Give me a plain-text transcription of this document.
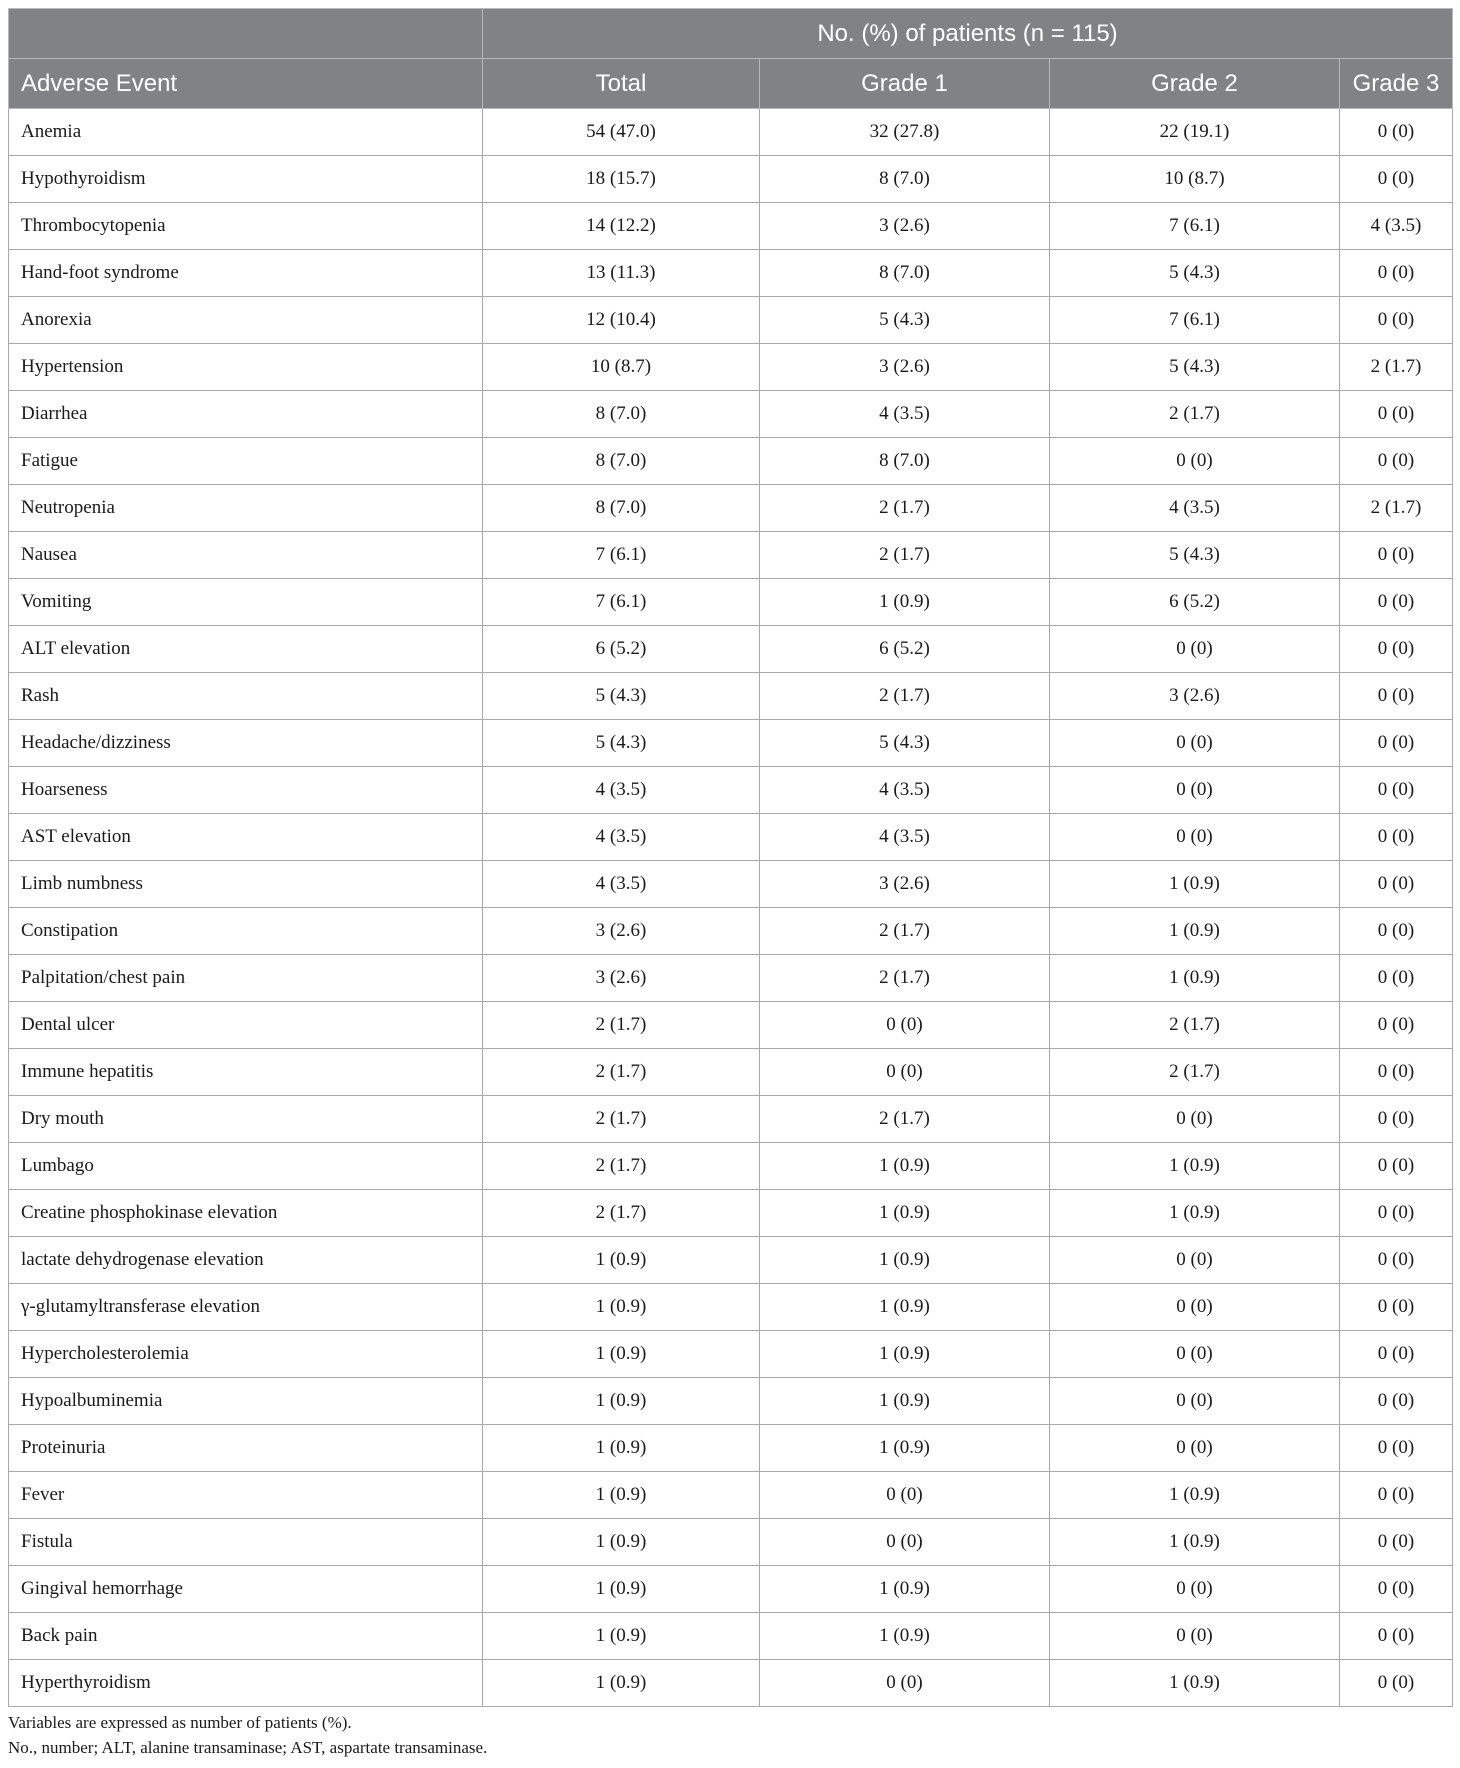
	No. (%) of patients (n = 115)			
Adverse Event	Total	Grade 1	Grade 2	Grade 3
Anemia	54 (47.0)	32 (27.8)	22 (19.1)	0 (0)
Hypothyroidism	18 (15.7)	8 (7.0)	10 (8.7)	0 (0)
Thrombocytopenia	14 (12.2)	3 (2.6)	7 (6.1)	4 (3.5)
Hand-foot syndrome	13 (11.3)	8 (7.0)	5 (4.3)	0 (0)
Anorexia	12 (10.4)	5 (4.3)	7 (6.1)	0 (0)
Hypertension	10 (8.7)	3 (2.6)	5 (4.3)	2 (1.7)
Diarrhea	8 (7.0)	4 (3.5)	2 (1.7)	0 (0)
Fatigue	8 (7.0)	8 (7.0)	0 (0)	0 (0)
Neutropenia	8 (7.0)	2 (1.7)	4 (3.5)	2 (1.7)
Nausea	7 (6.1)	2 (1.7)	5 (4.3)	0 (0)
Vomiting	7 (6.1)	1 (0.9)	6 (5.2)	0 (0)
ALT elevation	6 (5.2)	6 (5.2)	0 (0)	0 (0)
Rash	5 (4.3)	2 (1.7)	3 (2.6)	0 (0)
Headache/dizziness	5 (4.3)	5 (4.3)	0 (0)	0 (0)
Hoarseness	4 (3.5)	4 (3.5)	0 (0)	0 (0)
AST elevation	4 (3.5)	4 (3.5)	0 (0)	0 (0)
Limb numbness	4 (3.5)	3 (2.6)	1 (0.9)	0 (0)
Constipation	3 (2.6)	2 (1.7)	1 (0.9)	0 (0)
Palpitation/chest pain	3 (2.6)	2 (1.7)	1 (0.9)	0 (0)
Dental ulcer	2 (1.7)	0 (0)	2 (1.7)	0 (0)
Immune hepatitis	2 (1.7)	0 (0)	2 (1.7)	0 (0)
Dry mouth	2 (1.7)	2 (1.7)	0 (0)	0 (0)
Lumbago	2 (1.7)	1 (0.9)	1 (0.9)	0 (0)
Creatine phosphokinase elevation	2 (1.7)	1 (0.9)	1 (0.9)	0 (0)
lactate dehydrogenase elevation	1 (0.9)	1 (0.9)	0 (0)	0 (0)
γ-glutamyltransferase elevation	1 (0.9)	1 (0.9)	0 (0)	0 (0)
Hypercholesterolemia	1 (0.9)	1 (0.9)	0 (0)	0 (0)
Hypoalbuminemia	1 (0.9)	1 (0.9)	0 (0)	0 (0)
Proteinuria	1 (0.9)	1 (0.9)	0 (0)	0 (0)
Fever	1 (0.9)	0 (0)	1 (0.9)	0 (0)
Fistula	1 (0.9)	0 (0)	1 (0.9)	0 (0)
Gingival hemorrhage	1 (0.9)	1 (0.9)	0 (0)	0 (0)
Back pain	1 (0.9)	1 (0.9)	0 (0)	0 (0)
Hyperthyroidism	1 (0.9)	0 (0)	1 (0.9)	0 (0)
Variables are expressed as number of patients (%).
No., number; ALT, alanine transaminase; AST, aspartate transaminase.
